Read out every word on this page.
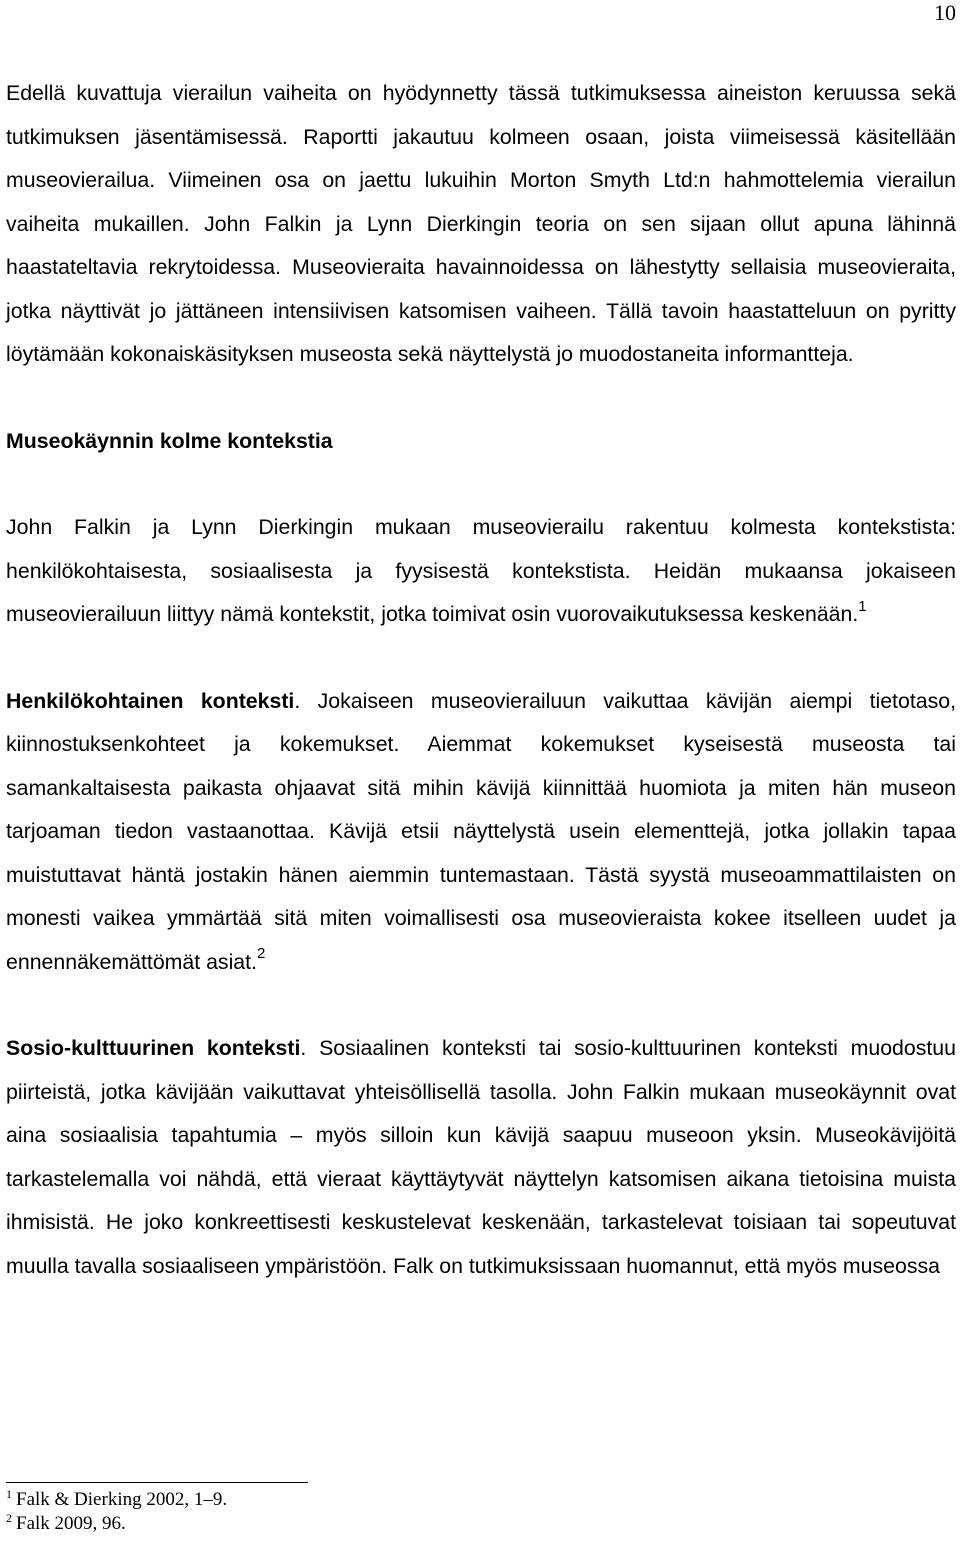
10

Edellä kuvattuja vierailun vaiheita on hyödynnetty tässä tutkimuksessa aineiston keruussa sekä tutkimuksen jäsentämisessä. Raportti jakautuu kolmeen osaan, joista viimeisessä käsitellään museovierailua. Viimeinen osa on jaettu lukuihin Morton Smyth Ltd:n hahmottelemia vierailun vaiheita mukaillen. John Falkin ja Lynn Dierkingin teoria on sen sijaan ollut apuna lähinnä haastateltavia rekrytoidessa. Museovieraita havainnoidessa on lähestytty sellaisia museovieraita, jotka näyttivät jo jättäneen intensiivisen katsomisen vaiheen. Tällä tavoin haastatteluun on pyritty löytämään kokonaiskäsityksen museosta sekä näyttelystä jo muodostaneita informantteja.

Museokäynnin kolme kontekstia

John Falkin ja Lynn Dierkingin mukaan museovierailu rakentuu kolmesta kontekstista: henkilökohtaisesta, sosiaalisesta ja fyysisestä kontekstista. Heidän mukaansa jokaiseen museovierailuun liittyy nämä kontekstit, jotka toimivat osin vuorovaikutuksessa keskenään.$^1$

Henkilökohtainen konteksti. Jokaiseen museovierailuun vaikuttaa kävijän aiempi tietotaso, kiinnostuksenkohteet ja kokemukset. Aiemmat kokemukset kyseisestä museosta tai samankaltaisesta paikasta ohjaavat sitä mihin kävijä kiinnittää huomiota ja miten hän museon tarjoaman tiedon vastaanottaa. Kävijä etsii näyttelystä usein elementtejä, jotka jollakin tapaa muistuttavat häntä jostakin hänen aiemmin tuntemastaan. Tästä syystä museoammattilaisten on monesti vaikea ymmärtää sitä miten voimallisesti osa museovieraista kokee itselleen uudet ja ennennäkemättömät asiat.$^2$

Sosio-kulttuurinen konteksti. Sosiaalinen konteksti tai sosio-kulttuurinen konteksti muodostuu piirteistä, jotka kävijään vaikuttavat yhteisöllisellä tasolla. John Falkin mukaan museokäynnit ovat aina sosiaalisia tapahtumia – myös silloin kun kävijä saapuu museoon yksin. Museokävijöitä tarkastelemalla voi nähdä, että vieraat käyttäytyvät näyttelyn katsomisen aikana tietoisina muista ihmisistä. He joko konkreettisesti keskustelevat keskenään, tarkastelevat toisiaan tai sopeutuvat muulla tavalla sosiaaliseen ympäristöön. Falk on tutkimuksissaan huomannut, että myös museossa

$^1$ Falk & Dierking 2002, 1–9.
$^2$ Falk 2009, 96.
